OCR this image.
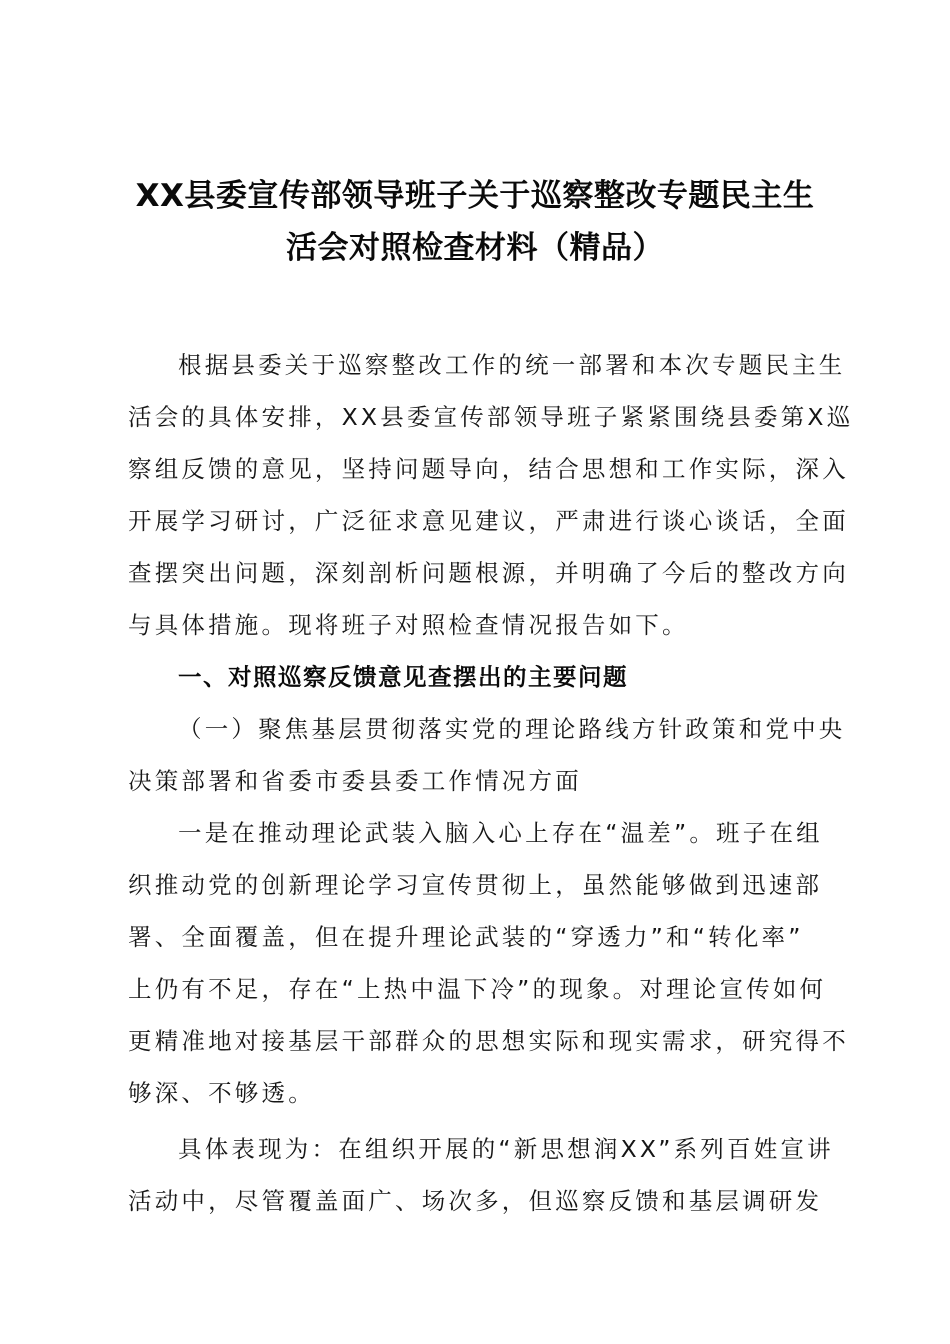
XX县委宣传部领导班子关于巡察整改专题民主生
活会对照检查材料（精品）
根据县委关于巡察整改工作的统一部署和本次专题民主生
活会的具体安排，XX县委宣传部领导班子紧紧围绕县委第X巡
察组反馈的意见，坚持问题导向，结合思想和工作实际，深入
开展学习研讨，广泛征求意见建议，严肃进行谈心谈话，全面
查摆突出问题，深刻剖析问题根源，并明确了今后的整改方向
与具体措施。现将班子对照检查情况报告如下。
一、对照巡察反馈意见查摆出的主要问题
（一）聚焦基层贯彻落实党的理论路线方针政策和党中央
决策部署和省委市委县委工作情况方面
一是在推动理论武装入脑入心上存在“温差”。班子在组
织推动党的创新理论学习宣传贯彻上，虽然能够做到迅速部
署、全面覆盖，但在提升理论武装的“穿透力”和“转化率”
上仍有不足，存在“上热中温下冷”的现象。对理论宣传如何
更精准地对接基层干部群众的思想实际和现实需求，研究得不
够深、不够透。
具体表现为：在组织开展的“新思想润XX”系列百姓宣讲
活动中，尽管覆盖面广、场次多，但巡察反馈和基层调研发
